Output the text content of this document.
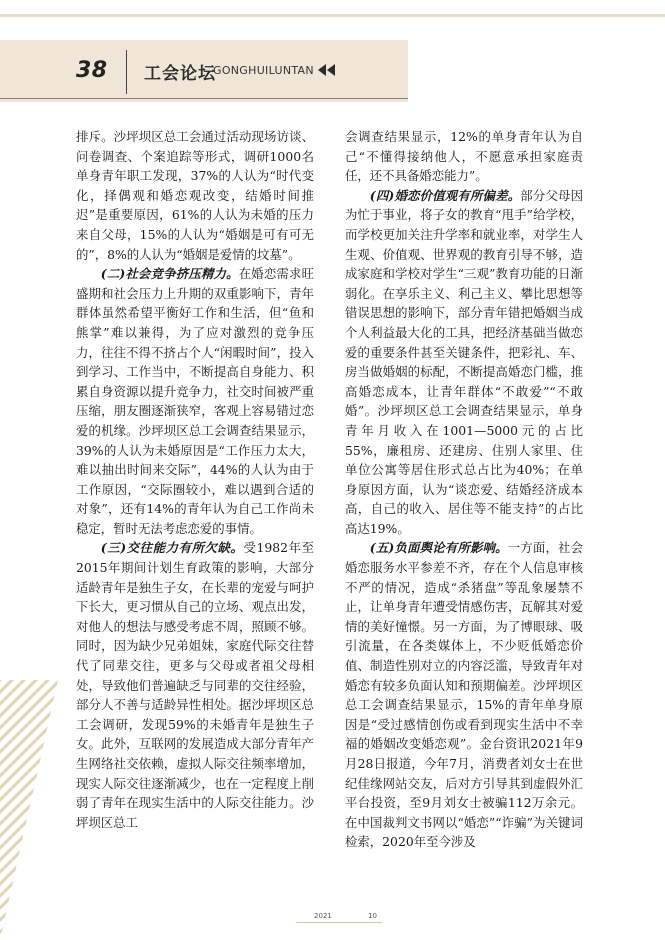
38 工会论坛
GONGHUILUNTAN

排斥。沙坪坝区总工会通过活动现场访谈、问卷调查、个案追踪等形式，调研1000名单身青年职工发现，37%的人认为“时代变化，择偶观和婚恋观改变，结婚时间推迟”是重要原因，61%的人认为未婚的压力来自父母，15%的人认为“婚姻是可有可无的”，8%的人认为“婚姻是爱情的坟墓”。

(二)社会竞争挤压精力。在婚恋需求旺盛期和社会压力上升期的双重影响下，青年群体虽然希望平衡好工作和生活，但“鱼和熊掌”难以兼得，为了应对激烈的竞争压力，往往不得不挤占个人“闲暇时间”，投入到学习、工作当中，不断提高自身能力、积累自身资源以提升竞争力，社交时间被严重压缩，朋友圈逐渐狭窄，客观上容易错过恋爱的机缘。沙坪坝区总工会调查结果显示，39%的人认为未婚原因是“工作压力太大，难以抽出时间来交际”，44%的人认为由于工作原因，“交际圈较小，难以遇到合适的对象”，还有14%的青年认为自己工作尚未稳定，暂时无法考虑恋爱的事情。

(三)交往能力有所欠缺。受1982年至2015年期间计划生育政策的影响，大部分适龄青年是独生子女，在长辈的宠爱与呵护下长大，更习惯从自己的立场、观点出发，对他人的想法与感受考虑不周，照顾不够。同时，因为缺少兄弟姐妹，家庭代际交往替代了同辈交往，更多与父母或者祖父母相处，导致他们普遍缺乏与同辈的交往经验，部分人不善与适龄异性相处。据沙坪坝区总工会调研，发现59%的未婚青年是独生子女。此外，互联网的发展造成大部分青年产生网络社交依赖，虚拟人际交往频率增加，现实人际交往逐渐减少，也在一定程度上削弱了青年在现实生活中的人际交往能力。沙坪坝区总工

会调查结果显示，12%的单身青年认为自己“不懂得接纳他人，不愿意承担家庭责任，还不具备婚恋能力”。

(四)婚恋价值观有所偏差。部分父母因为忙于事业，将子女的教育“甩手”给学校，而学校更加关注升学率和就业率，对学生人生观、价值观、世界观的教育引导不够，造成家庭和学校对学生“三观”教育功能的日渐弱化。在享乐主义、利己主义、攀比思想等错误思想的影响下，部分青年错把婚姻当成个人利益最大化的工具，把经济基础当做恋爱的重要条件甚至关键条件，把彩礼、车、房当做婚姻的标配，不断提高婚恋门槛，推高婚恋成本，让青年群体“不敢爱”“不敢婚”。沙坪坝区总工会调查结果显示，单身青年月收入在1001—5000元的占比55%，廉租房、还建房、住别人家里、住单位公寓等居住形式总占比为40%；在单身原因方面，认为“谈恋爱、结婚经济成本高，自己的收入、居住等不能支持”的占比高达19%。

(五)负面舆论有所影响。一方面，社会婚恋服务水平参差不齐，存在个人信息审核不严的情况，造成“杀猪盘”等乱象屡禁不止，让单身青年遭受情感伤害，瓦解其对爱情的美好憧憬。另一方面，为了博眼球、吸引流量，在各类媒体上，不少贬低婚恋价值、制造性别对立的内容泛滥，导致青年对婚恋有较多负面认知和预期偏差。沙坪坝区总工会调查结果显示，15%的青年单身原因是“受过感情创伤或看到现实生活中不幸福的婚姻改变婚恋观”。金台资讯2021年9月28日报道，今年7月，消费者刘女士在世纪佳缘网站交友，后对方引导其到虚假外汇平台投资，至9月刘女士被骗112万余元。在中国裁判文书网以“婚恋”“诈骗”为关键词检索，2020年至今涉及

2021	10
